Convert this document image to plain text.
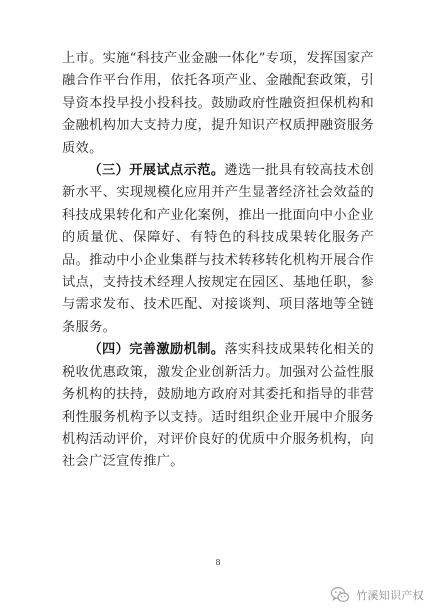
上市。实施“科技产业金融一体化”专项，发挥国家产融合作平台作用，依托各项产业、金融配套政策，引导资本投早投小投科技。鼓励政府性融资担保机构和金融机构加大支持力度，提升知识产权质押融资服务质效。

（三）开展试点示范。遴选一批具有较高技术创新水平、实现规模化应用并产生显著经济社会效益的科技成果转化和产业化案例，推出一批面向中小企业的质量优、保障好、有特色的科技成果转化服务产品。推动中小企业集群与技术转移转化机构开展合作试点，支持技术经理人按规定在园区、基地任职，参与需求发布、技术匹配、对接谈判、项目落地等全链条服务。

（四）完善激励机制。落实科技成果转化相关的税收优惠政策，激发企业创新活力。加强对公益性服务机构的扶持，鼓励地方政府对其委托和指导的非营利性服务机构予以支持。适时组织企业开展中介服务机构活动评价，对评价良好的优质中介服务机构，向社会广泛宣传推广。

8
竹溪知识产权
